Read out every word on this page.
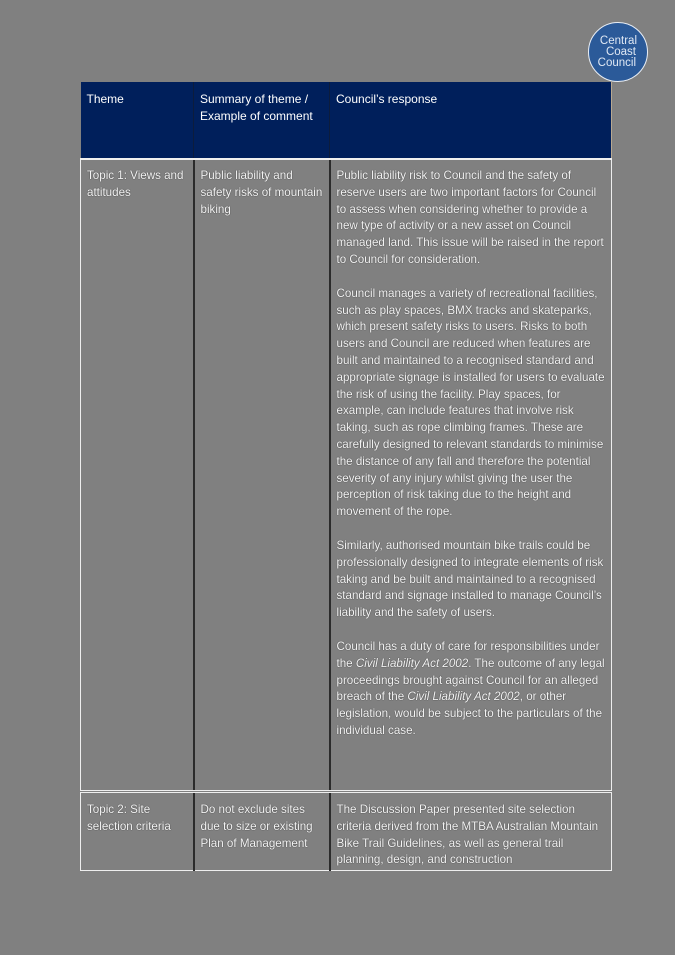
Central
Coast
Council
Theme	Summary of theme / Example of comment	Council’s response
Topic 1: Views and attitudes	Public liability and safety risks of mountain biking	Public liability risk to Council and the safety of reserve users are two important factors for Council to assess when considering whether to provide a new type of activity or a new asset on Council managed land. This issue will be raised in the report to Council for consideration.

Council manages a variety of recreational facilities, such as play spaces, BMX tracks and skateparks, which present safety risks to users. Risks to both users and Council are reduced when features are built and maintained to a recognised standard and appropriate signage is installed for users to evaluate the risk of using the facility. Play spaces, for example, can include features that involve risk taking, such as rope climbing frames. These are carefully designed to relevant standards to minimise the distance of any fall and therefore the potential severity of any injury whilst giving the user the perception of risk taking due to the height and movement of the rope.

Similarly, authorised mountain bike trails could be professionally designed to integrate elements of risk taking and be built and maintained to a recognised standard and signage installed to manage Council’s liability and the safety of users.

Council has a duty of care for responsibilities under the Civil Liability Act 2002. The outcome of any legal proceedings brought against Council for an alleged breach of the Civil Liability Act 2002, or other legislation, would be subject to the particulars of the individual case.

Topic 2: Site selection criteria	Do not exclude sites due to size or existing Plan of Management	The Discussion Paper presented site selection criteria derived from the MTBA Australian Mountain Bike Trail Guidelines, as well as general trail planning, design, and construction
